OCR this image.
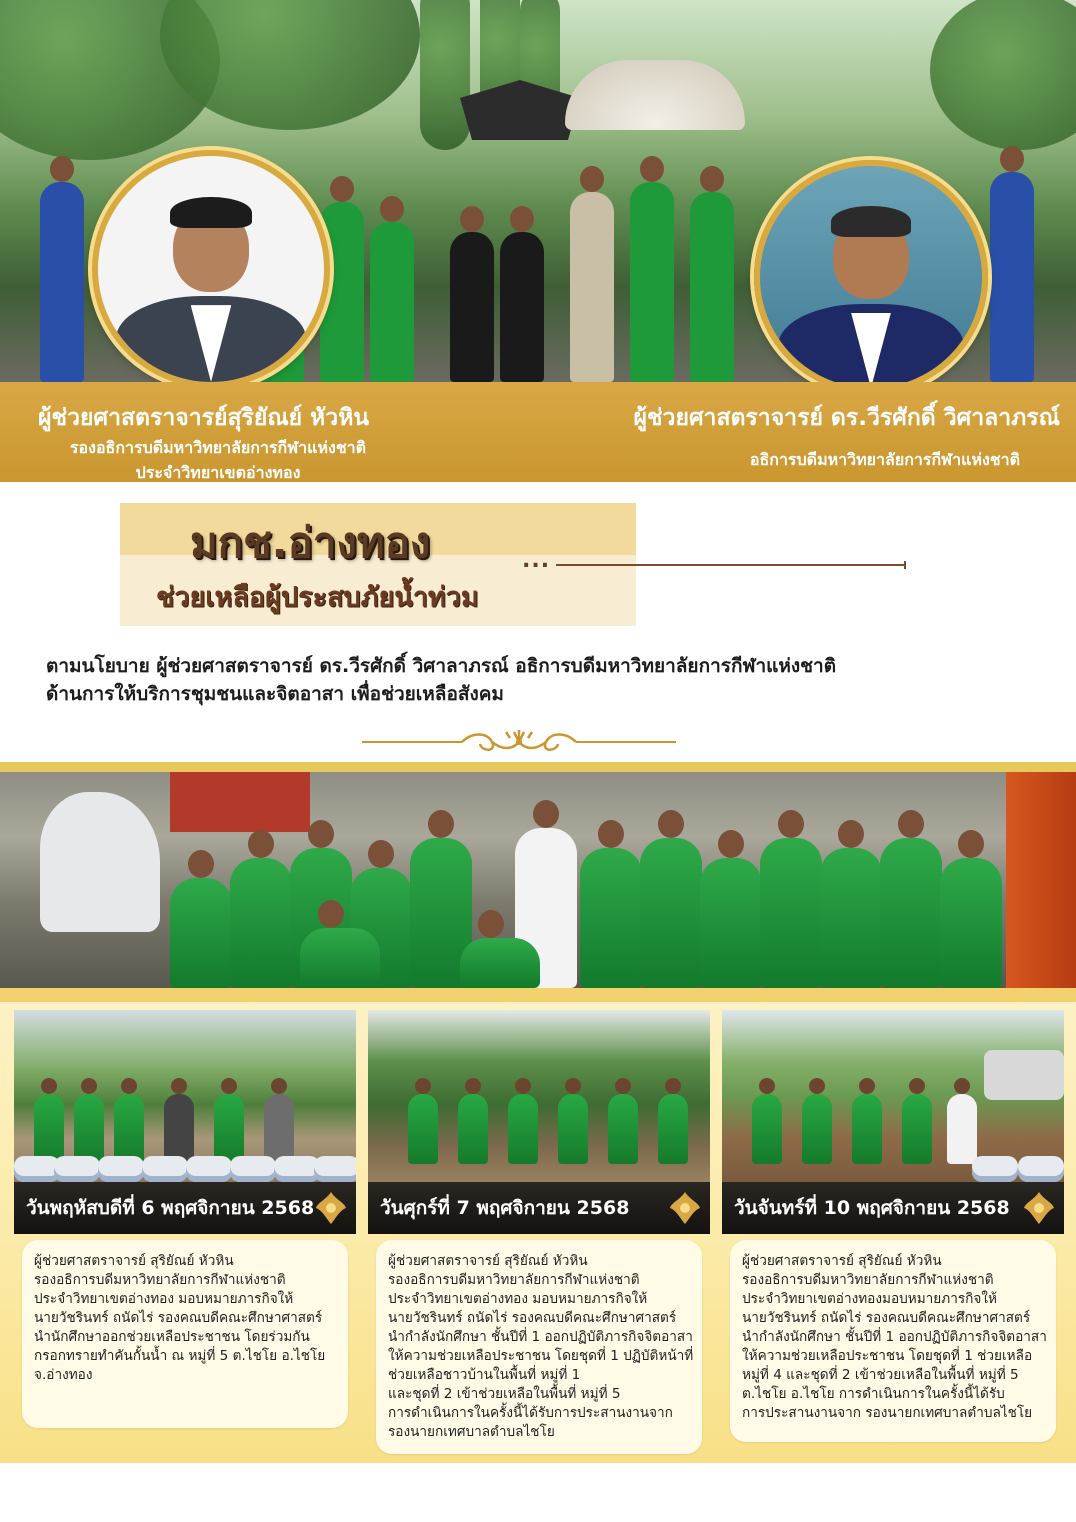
ผู้ช่วยศาสตราจารย์สุริยัณย์ หัวหิน
รองอธิการบดีมหาวิทยาลัยการกีฬาแห่งชาติ
ประจำวิทยาเขตอ่างทอง
ผู้ช่วยศาสตราจารย์ ดร.วีรศักดิ์ วิศาลาภรณ์
อธิการบดีมหาวิทยาลัยการกีฬาแห่งชาติ
มกช.อ่างทอง
ช่วยเหลือผู้ประสบภัยน้ำท่วม
...
ตามนโยบาย ผู้ช่วยศาสตราจารย์ ดร.วีรศักดิ์ วิศาลาภรณ์ อธิการบดีมหาวิทยาลัยการกีฬาแห่งชาติ
ด้านการให้บริการชุมชนและจิตอาสา เพื่อช่วยเหลือสังคม
วันพฤหัสบดีที่ 6 พฤศจิกายน 2568
ผู้ช่วยศาสตราจารย์ สุริยัณย์ หัวหิน
รองอธิการบดีมหาวิทยาลัยการกีฬาแห่งชาติ
ประจำวิทยาเขตอ่างทอง มอบหมายภารกิจให้
นายวัชรินทร์ ถนัดไร่ รองคณบดีคณะศึกษาศาสตร์
นำนักศึกษาออกช่วยเหลือประชาชน โดยร่วมกัน
กรอกทรายทำคันกั้นน้ำ ณ หมู่ที่ 5 ต.ไชโย อ.ไชโย
จ.อ่างทอง
วันศุกร์ที่ 7 พฤศจิกายน 2568
ผู้ช่วยศาสตราจารย์ สุริยัณย์ หัวหิน
รองอธิการบดีมหาวิทยาลัยการกีฬาแห่งชาติ
ประจำวิทยาเขตอ่างทอง มอบหมายภารกิจให้
นายวัชรินทร์ ถนัดไร่ รองคณบดีคณะศึกษาศาสตร์
นำกำลังนักศึกษา ชั้นปีที่ 1 ออกปฏิบัติภารกิจจิตอาสา
ให้ความช่วยเหลือประชาชน โดยชุดที่ 1 ปฏิบัติหน้าที่
ช่วยเหลือชาวบ้านในพื้นที่ หมู่ที่ 1
และชุดที่ 2 เข้าช่วยเหลือในพื้นที่ หมู่ที่ 5
การดำเนินการในครั้งนี้ได้รับการประสานงานจาก
รองนายกเทศบาลตำบลไชโย
วันจันทร์ที่ 10 พฤศจิกายน 2568
ผู้ช่วยศาสตราจารย์ สุริยัณย์ หัวหิน
รองอธิการบดีมหาวิทยาลัยการกีฬาแห่งชาติ
ประจำวิทยาเขตอ่างทองมอบหมายภารกิจให้
นายวัชรินทร์ ถนัดไร่ รองคณบดีคณะศึกษาศาสตร์
นำกำลังนักศึกษา ชั้นปีที่ 1 ออกปฏิบัติภารกิจจิตอาสา
ให้ความช่วยเหลือประชาชน โดยชุดที่ 1 ช่วยเหลือ
หมู่ที่ 4 และชุดที่ 2 เข้าช่วยเหลือในพื้นที่ หมู่ที่ 5
ต.ไชโย อ.ไชโย การดำเนินการในครั้งนี้ได้รับ
การประสานงานจาก รองนายกเทศบาลตำบลไชโย
